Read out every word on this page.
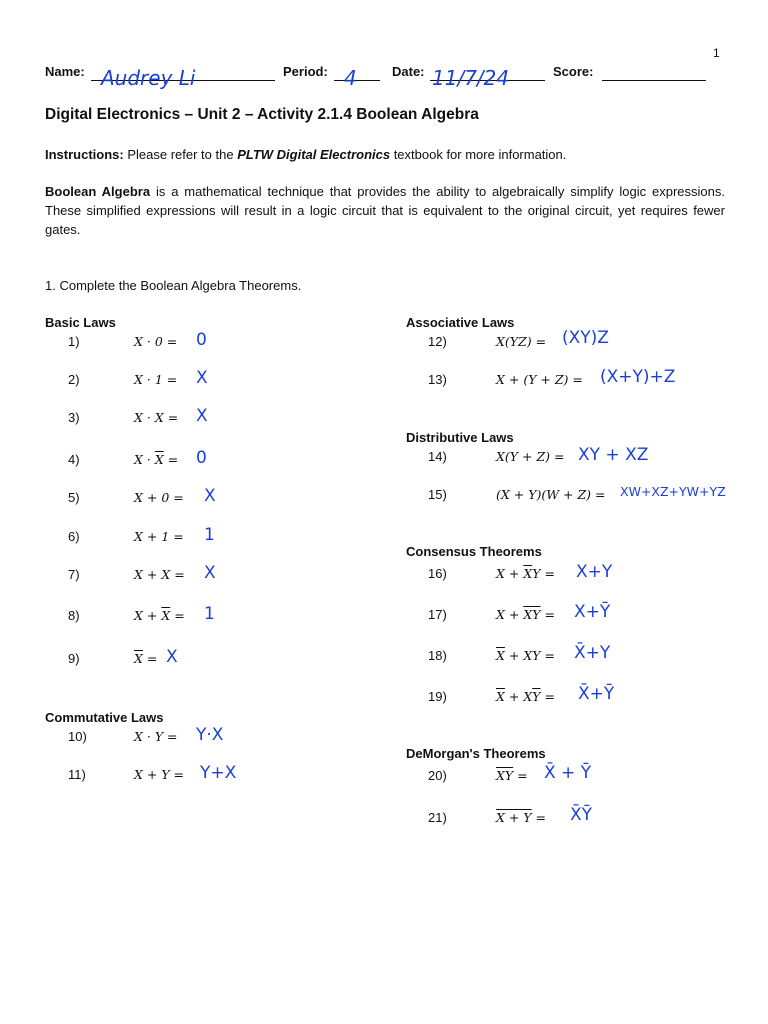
1
Name: Audrey Li	Period: 4	Date: 11/7/24	Score:
Digital Electronics – Unit 2 – Activity 2.1.4 Boolean Algebra
Instructions: Please refer to the PLTW Digital Electronics textbook for more information.
Boolean Algebra is a mathematical technique that provides the ability to algebraically simplify logic expressions. These simplified expressions will result in a logic circuit that is equivalent to the original circuit, yet requires fewer gates.
1. Complete the Boolean Algebra Theorems.
Basic Laws
Commutative Laws
Associative Laws
Distributive Laws
Consensus Theorems
DeMorgan's Theorems
1)	X · 0 = 0
2)	X · 1 = X
3)	X · X = X
4)	$X \cdot \overline{X} = 0$
5)	X + 0 = X
6)	X + 1 = 1
7)	X + X = X
8)	$X + \overline{X} = 1$
9)	$\overline{X} = X$
10)	X · Y = Y·X
11)	X + Y = Y+X
12)	X(YZ) = (XY)Z
13)	X + (Y + Z) = (X+Y)+Z
14)	X(Y + Z) = XY + XZ
15)	(X + Y)(W + Z) = XW+XZ+YW+YZ
16)	$X + \overline{X}Y = X+Y$
17)	$X + \overline{X}\overline{Y}$ = X+Ȳ
18)	$\overline{X}$ + XY = X̄+Y
19)	$\overline{X} + X\overline{Y}$ = X̄+Ȳ
20)	$\overline{XY}$ = X̄ + Ȳ
21)	X + Y = X̄Ȳ
